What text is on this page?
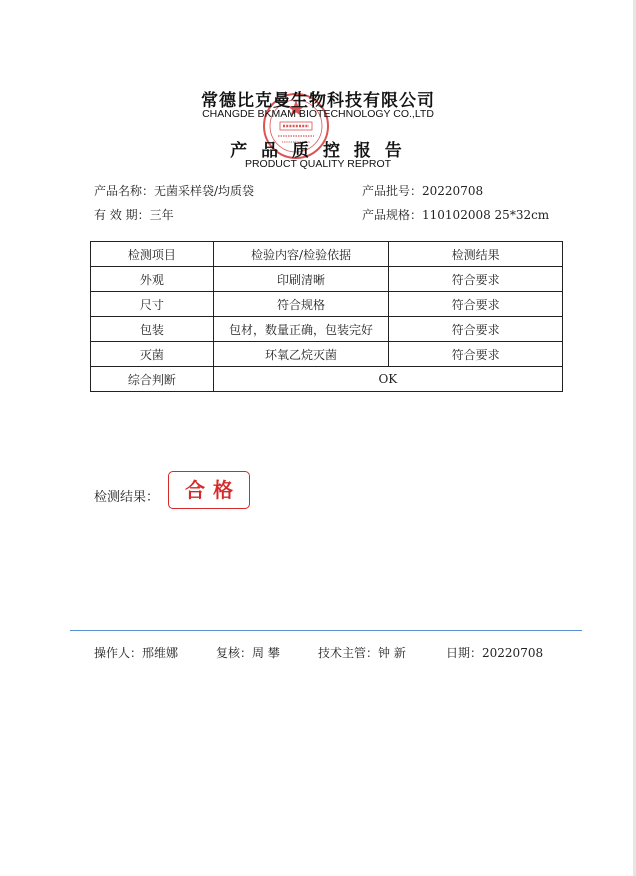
常德比克曼生物科技有限公司
CHANGDE BKMAM BIOTECHNOLOGY CO.,LTD
产 品 质 控 报 告
PRODUCT QUALITY REPROT
产品名称：无菌采样袋/均质袋	产品批号：20220708
有 效 期：三年	产品规格：110102008 25*32cm
检测项目	检验内容/检验依据	检测结果
外观	印刷清晰	符合要求
尺寸	符合规格	符合要求
包装	包材，数量正确，包装完好	符合要求
灭菌	环氧乙烷灭菌	符合要求
综合判断	OK	
检测结果：	合格
操作人：邢维娜	复核：周 攀	技术主管：钟 新	日期：20220708
